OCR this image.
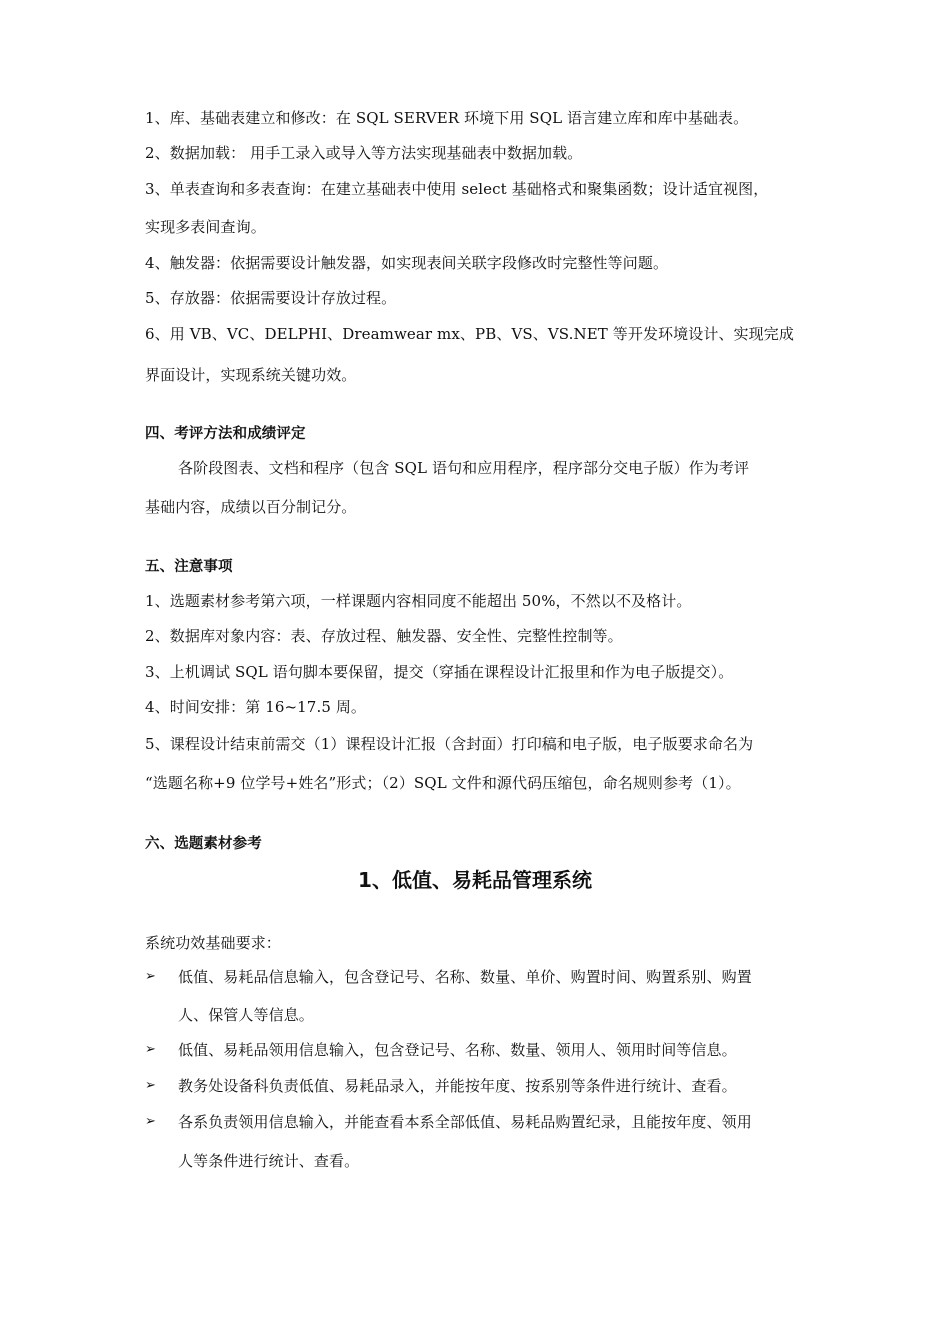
1、库、基础表建立和修改：在 SQL SERVER 环境下用 SQL 语言建立库和库中基础表。
2、数据加载： 用手工录入或导入等方法实现基础表中数据加载。
3、单表查询和多表查询：在建立基础表中使用 select 基础格式和聚集函数；设计适宜视图，
实现多表间查询。
4、触发器：依据需要设计触发器，如实现表间关联字段修改时完整性等问题。
5、存放器：依据需要设计存放过程。
6、用 VB、VC、DELPHI、Dreamwear mx、PB、VS、VS.NET 等开发环境设计、实现完成
界面设计，实现系统关键功效。
四、考评方法和成绩评定
各阶段图表、文档和程序（包含 SQL 语句和应用程序，程序部分交电子版）作为考评
基础内容，成绩以百分制记分。
五、注意事项
1、选题素材参考第六项，一样课题内容相同度不能超出 50%，不然以不及格计。
2、数据库对象内容：表、存放过程、触发器、安全性、完整性控制等。
3、上机调试 SQL 语句脚本要保留，提交（穿插在课程设计汇报里和作为电子版提交）。
4、时间安排：第 16~17.5 周。
5、课程设计结束前需交（1）课程设计汇报（含封面）打印稿和电子版，电子版要求命名为
“选题名称+9 位学号+姓名”形式；（2）SQL 文件和源代码压缩包，命名规则参考（1）。
六、选题素材参考
1、低值、易耗品管理系统
系统功效基础要求：
➢ 低值、易耗品信息输入，包含登记号、名称、数量、单价、购置时间、购置系别、购置
人、保管人等信息。
➢ 低值、易耗品领用信息输入，包含登记号、名称、数量、领用人、领用时间等信息。
➢ 教务处设备科负责低值、易耗品录入，并能按年度、按系别等条件进行统计、查看。
➢ 各系负责领用信息输入，并能查看本系全部低值、易耗品购置纪录，且能按年度、领用
人等条件进行统计、查看。
